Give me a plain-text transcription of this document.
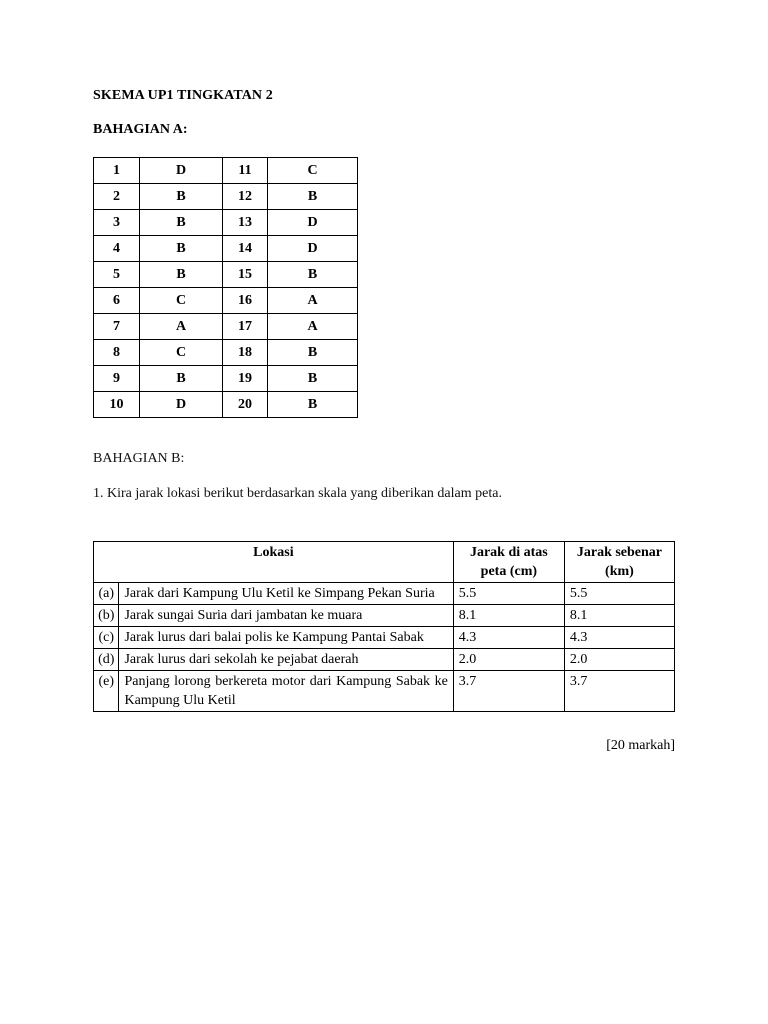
SKEMA UP1 TINGKATAN 2
BAHAGIAN A:
1	D	11	C
2	B	12	B
3	B	13	D
4	B	14	D
5	B	15	B
6	C	16	A
7	A	17	A
8	C	18	B
9	B	19	B
10	D	20	B
BAHAGIAN B:
1. Kira jarak lokasi berikut berdasarkan skala yang diberikan dalam peta.
Lokasi		Jarak di atas peta (cm)	Jarak sebenar (km)
(a)	Jarak dari Kampung Ulu Ketil ke Simpang Pekan Suria	5.5	5.5
(b)	Jarak sungai Suria dari jambatan ke muara	8.1	8.1
(c)	Jarak lurus dari balai polis ke Kampung Pantai Sabak	4.3	4.3
(d)	Jarak lurus dari sekolah ke pejabat daerah	2.0	2.0
(e)	Panjang lorong berkereta motor dari Kampung Sabak ke Kampung Ulu Ketil	3.7	3.7
[20 markah]
